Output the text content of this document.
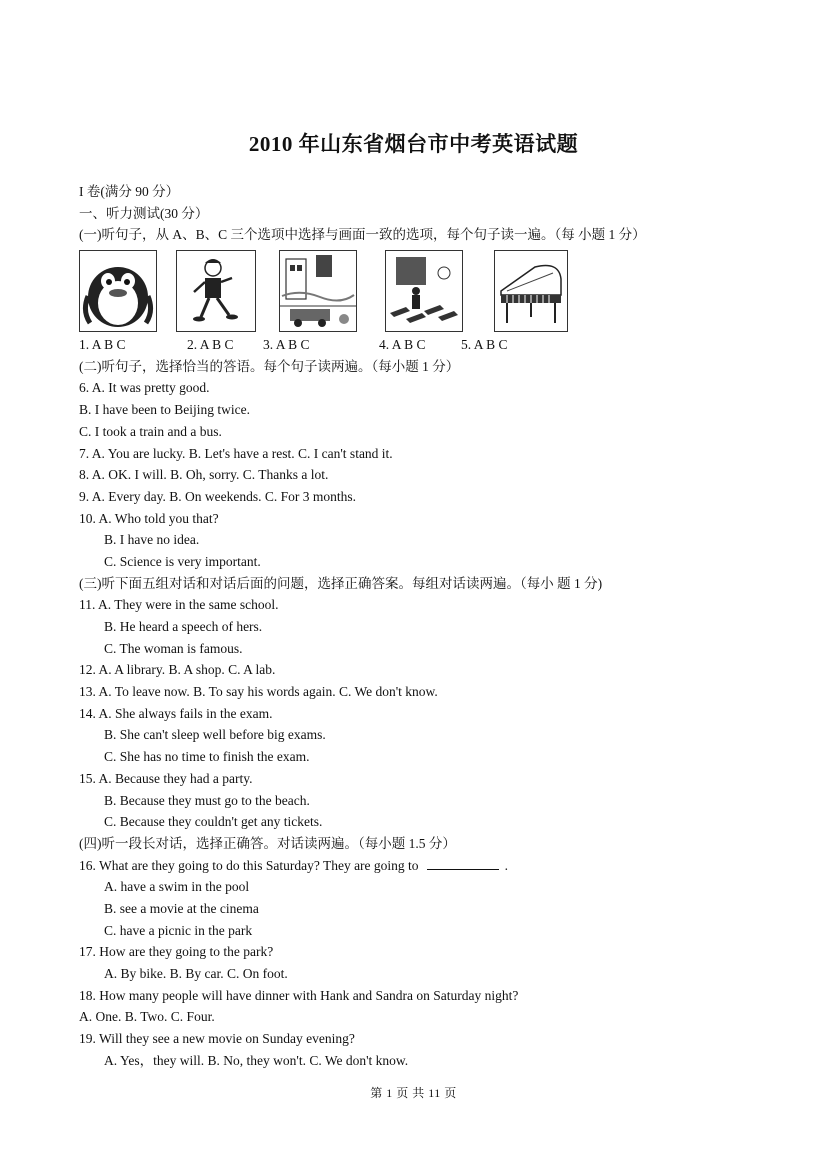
2010 年山东省烟台市中考英语试题
I 卷(满分 90 分）
一、听力测试(30 分）
(一)听句子，从 A、B、C 三个选项中选择与画面一致的选项，每个句子读一遍。（每 小题 1 分）
1. A B C	2. A B C 3. A B C	4. A B C	5. A B C
(二)听句子，选择恰当的答语。每个句子读两遍。（每小题 1 分）
6. A. It was pretty good.
B. I have been to Beijing twice.
C. I took a train and a bus.
7. A. You are lucky. B. Let's have a rest. C. I can't stand it.
8. A. OK. I will. B. Oh, sorry. C. Thanks a lot.
9. A. Every day. B. On weekends. C. For 3 months.
10. A. Who told you that?
B. I have no idea.
C. Science is very important.
(三)听下面五组对话和对话后面的问题，选择正确答案。每组对话读两遍。（每小 题 1 分)
11. A. They were in the same school.
B. He heard a speech of hers.
C. The woman is famous.
12. A. A library. B. A shop. C. A lab.
13. A. To leave now. B. To say his words again. C. We don't know.
14. A. She always fails in the exam.
B. She can't sleep well before big exams.
C. She has no time to finish the exam.
15. A. Because they had a party.
B. Because they must go to the beach.
C. Because they couldn't get any tickets.
(四)听一段长对话，选择正确答。对话读两遍。（每小题 1.5 分）
16. What are they going to do this Saturday? They are going to	.
A. have a swim in the pool
B. see a movie at the cinema
C. have a picnic in the park
17. How are they going to the park?
A. By bike. B. By car. C. On foot.
18. How many people will have dinner with Hank and Sandra on Saturday night?
A. One. B. Two. C. Four.
19. Will they see a new movie on Sunday evening?
A. Yes，they will. B. No, they won't. C. We don't know.
第 1 页 共 11 页
